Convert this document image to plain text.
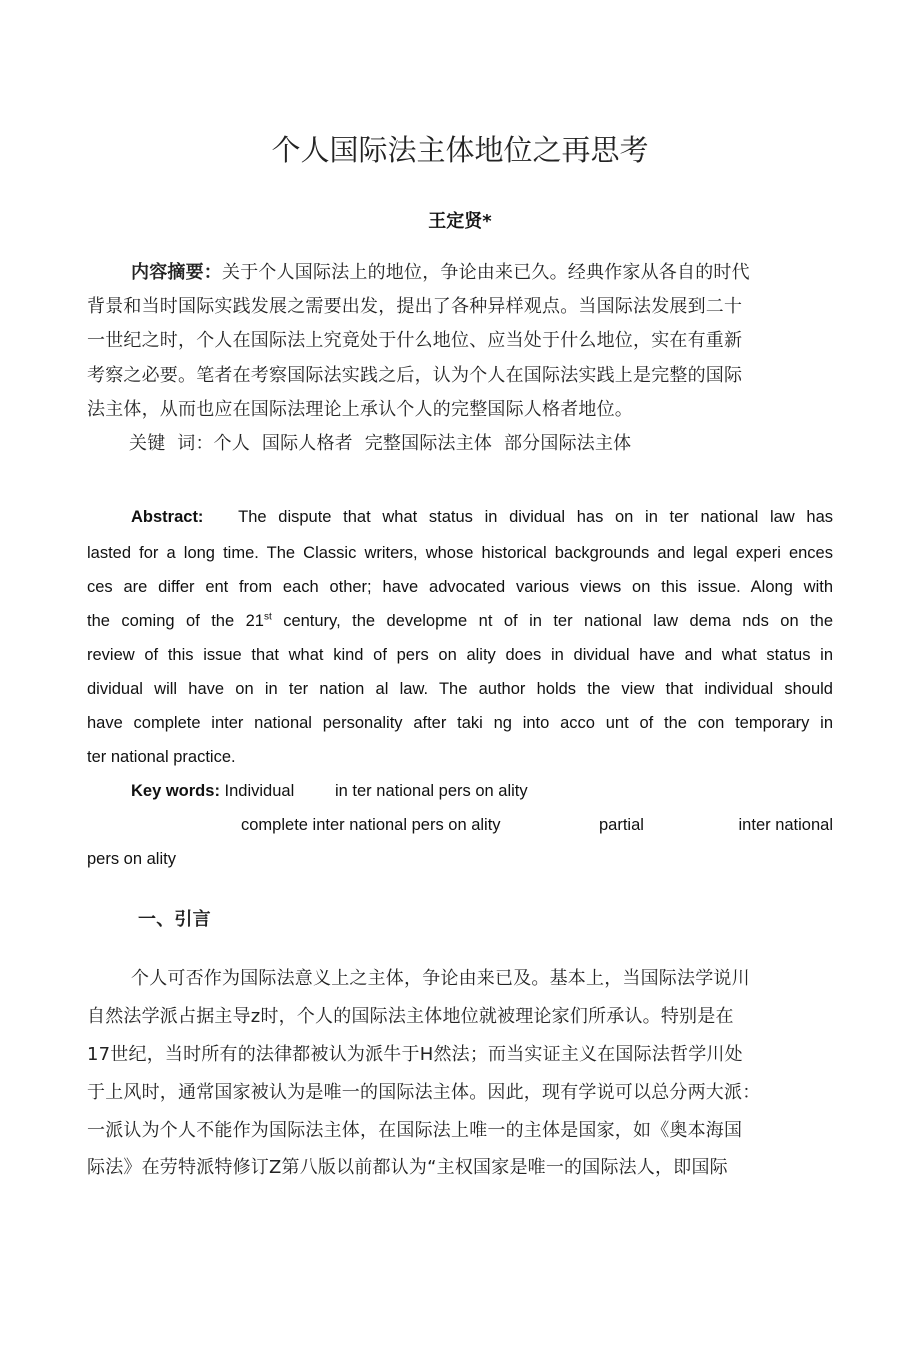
个人国际法主体地位之再思考
王定贤*
内容摘要：关于个人国际法上的地位，争论由来已久。经典作家从各自的时代
背景和当时国际实践发展之需要出发，提出了各种异样观点。当国际法发展到二十
一世纪之时，个人在国际法上究竟处于什么地位、应当处于什么地位，实在有重新
考察之必要。笔者在考察国际法实践之后，认为个人在国际法实践上是完整的国际
法主体，从而也应在国际法理论上承认个人的完整国际人格者地位。
关键  词：个人  国际人格者  完整国际法主体  部分国际法主体
Abstract: The dispute that what status in dividual has on in ter national law has
lasted for a long time. The Classic writers, whose historical backgrounds and legal experi ences
ces are differ ent from each other; have advocated various views on this issue. Along with
the coming of the 21st century, the developme nt of in ter national law dema nds on the
review of this issue that what kind of pers on ality does in dividual have and what status in
dividual will have on in ter nation al law. The author holds the view that individual should
have complete inter national personality after taki ng into acco unt of the con temporary in
ter national practice.
Key words: Individual in ter national pers on ality
complete inter national pers on ality	partial	inter national
pers on ality
一、引言
个人可否作为国际法意义上之主体，争论由来已及。基本上，当国际法学说川
自然法学派占据主导z时，个人的国际法主体地位就被理论家们所承认。特别是在
17世纪，当时所有的法律都被认为派牛于H然法；而当实证主义在国际法哲学川处
于上风时，通常国家被认为是唯一的国际法主体。因此，现有学说可以总分两大派：
一派认为个人不能作为国际法主体，在国际法上唯一的主体是国家，如《奥本海国
际法》在劳特派特修订Z第八版以前都认为“主权国家是唯一的国际法人，即国际
